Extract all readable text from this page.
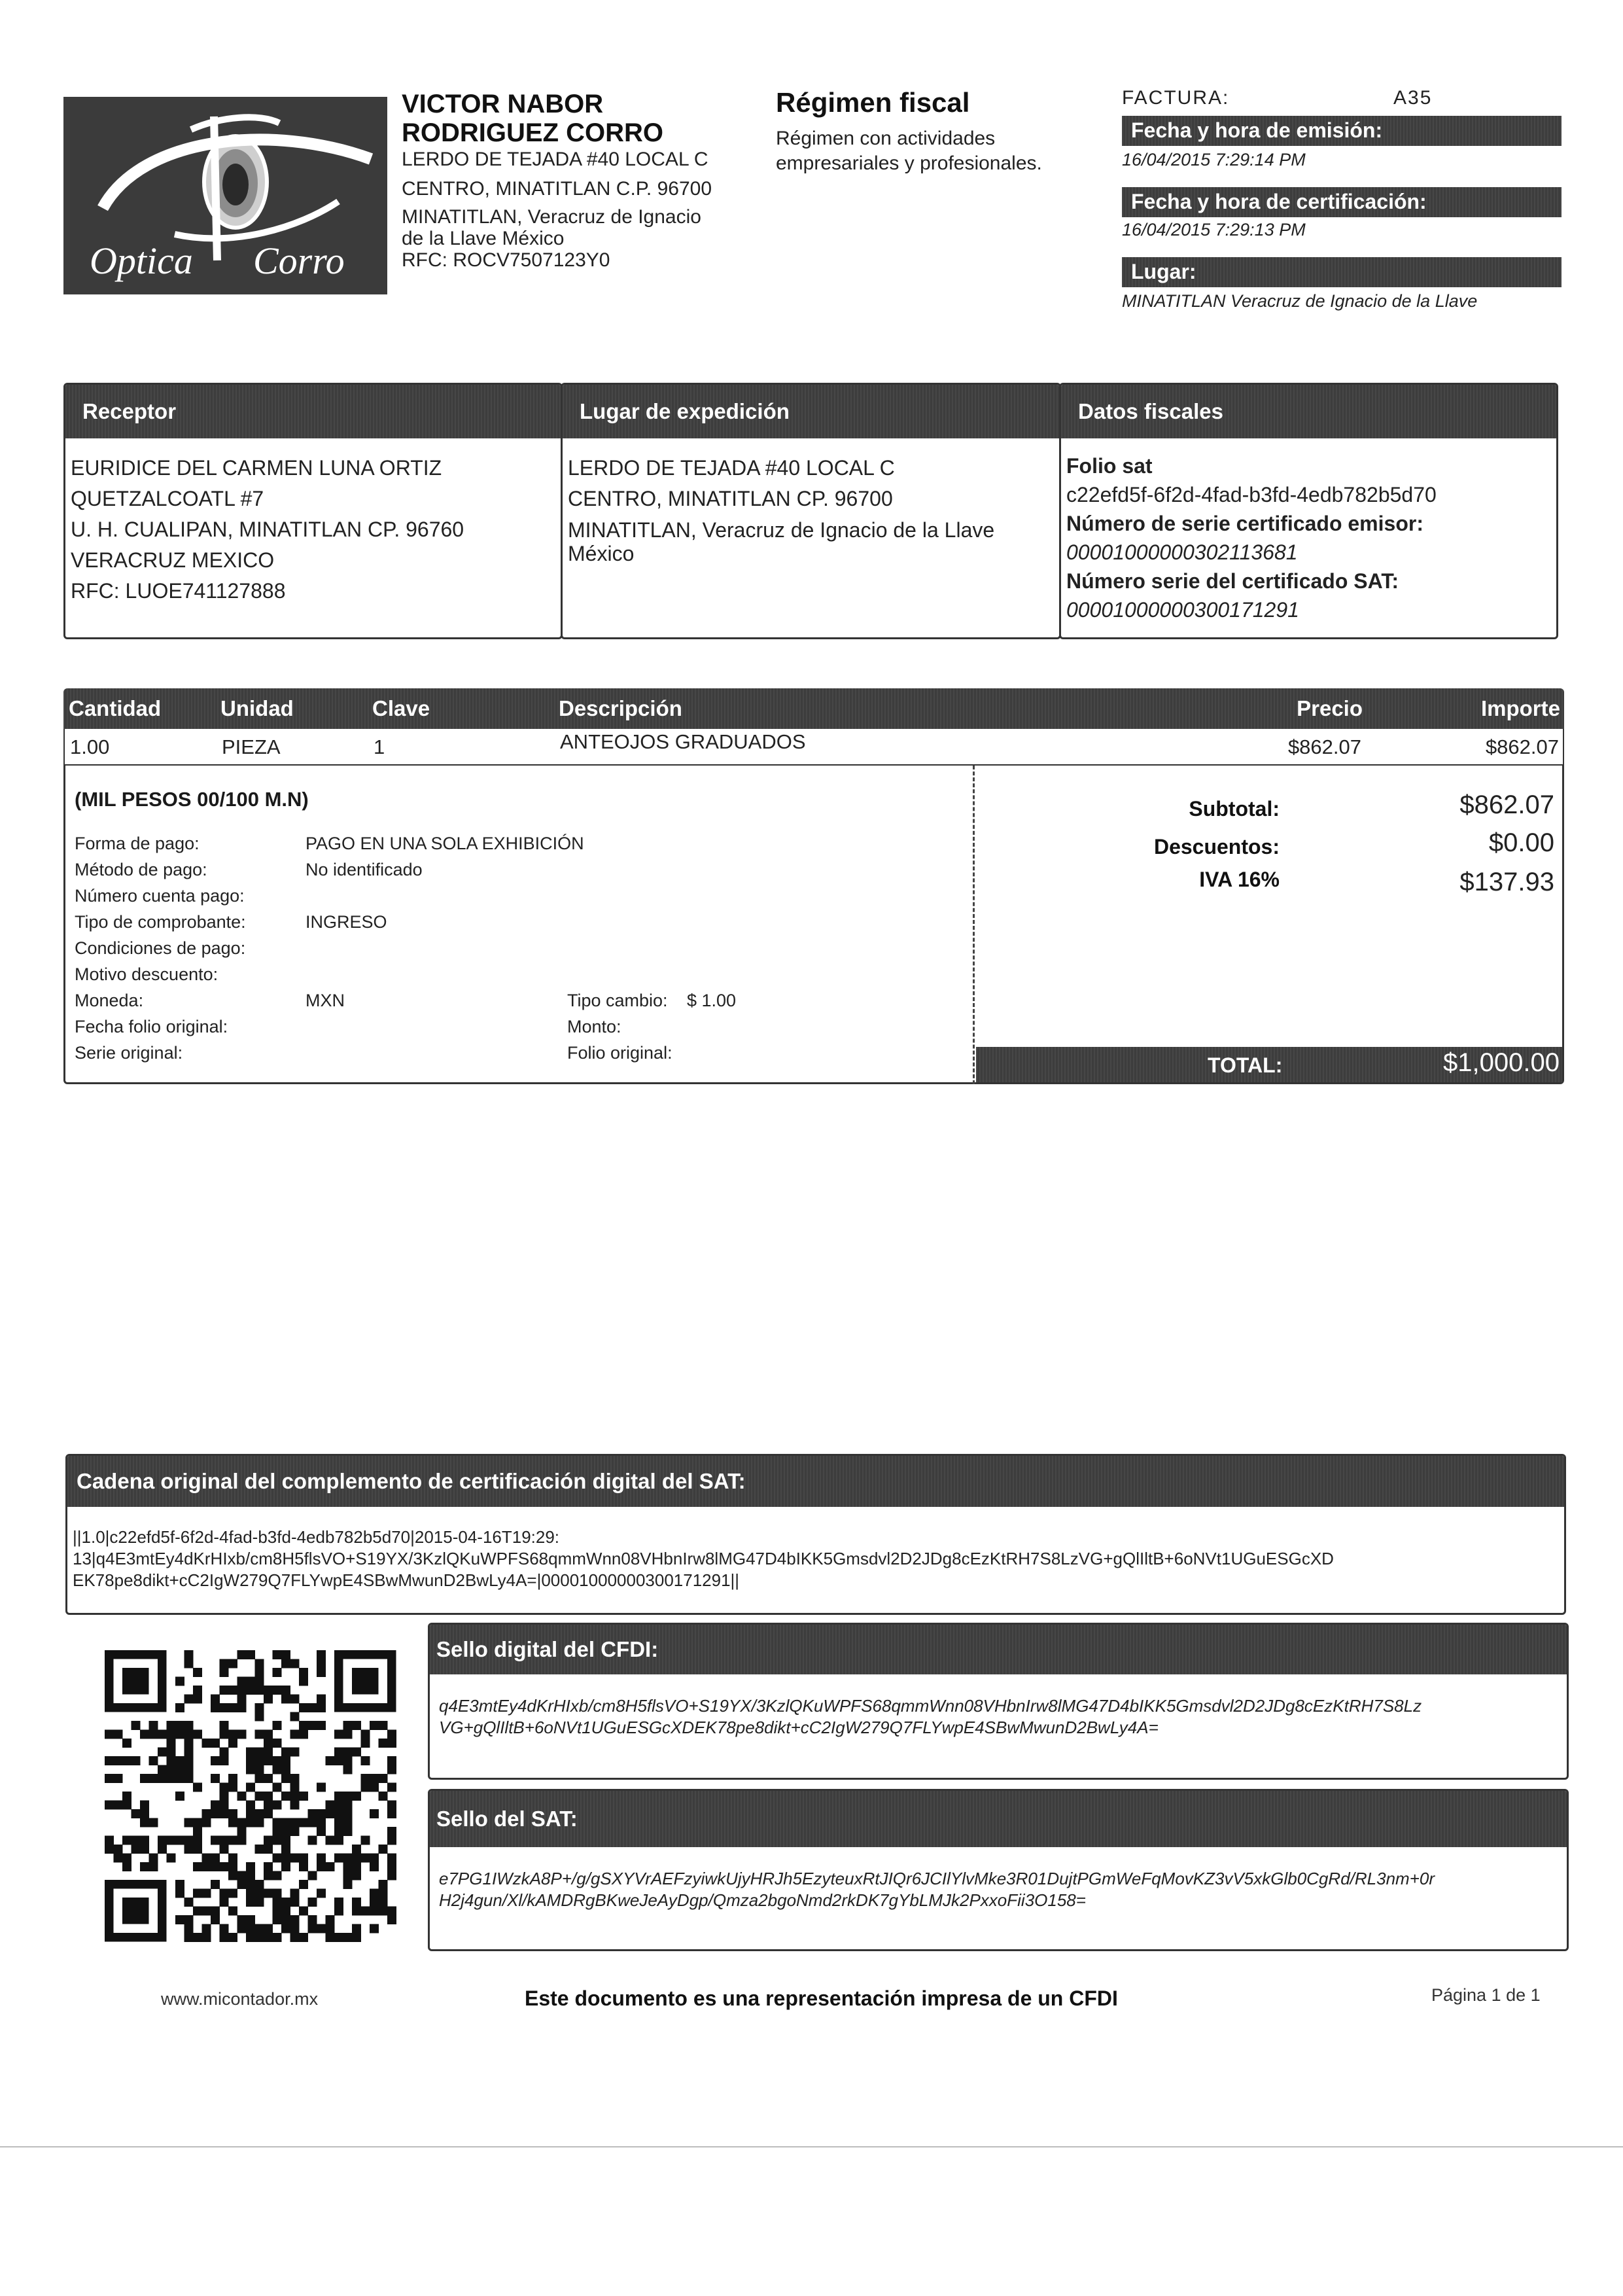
Optica Corro
VICTOR NABOR
RODRIGUEZ CORRO
LERDO DE TEJADA #40 LOCAL C
CENTRO, MINATITLAN C.P. 96700
MINATITLAN, Veracruz de Ignacio
de la Llave México
RFC: ROCV7507123Y0
Régimen fiscal
Régimen con actividades
empresariales y profesionales.
FACTURA:	A35
Fecha y hora de emisión:
16/04/2015 7:29:14 PM
Fecha y hora de certificación:
16/04/2015 7:29:13 PM
Lugar:
MINATITLAN Veracruz de Ignacio de la Llave
Receptor
EURIDICE DEL CARMEN LUNA ORTIZ
QUETZALCOATL #7
U. H. CUALIPAN, MINATITLAN CP. 96760
VERACRUZ MEXICO
RFC: LUOE741127888
Lugar de expedición
LERDO DE TEJADA #40 LOCAL C
CENTRO, MINATITLAN CP. 96700
MINATITLAN, Veracruz de Ignacio de la Llave
México
Datos fiscales
Folio sat
c22efd5f-6f2d-4fad-b3fd-4edb782b5d70
Número de serie certificado emisor:
00001000000302113681
Número serie del certificado SAT:
00001000000300171291
Cantidad	Unidad	Clave	Descripción	Precio	Importe
1.00	PIEZA	1	ANTEOJOS GRADUADOS	$862.07	$862.07
(MIL PESOS 00/100 M.N)
Forma de pago:	PAGO EN UNA SOLA EXHIBICIÓN
Método de pago:	No identificado
Número cuenta pago:
Tipo de comprobante:	INGRESO
Condiciones de pago:
Motivo descuento:
Moneda:	MXN	Tipo cambio: $ 1.00
Fecha folio original:	Monto:
Serie original:	Folio original:
Subtotal:	$862.07
Descuentos:	$0.00
IVA 16%	$137.93
TOTAL:	$1,000.00
Cadena original del complemento de certificación digital del SAT:
||1.0|c22efd5f-6f2d-4fad-b3fd-4edb782b5d70|2015-04-16T19:29:
13|q4E3mtEy4dKrHIxb/cm8H5flsVO+S19YX/3KzlQKuWPFS68qmmWnn08VHbnIrw8lMG47D4bIKK5Gmsdvl2D2JDg8cEzKtRH7S8LzVG+gQlIltB+6oNVt1UGuESGcXD
EK78pe8dikt+cC2IgW279Q7FLYwpE4SBwMwunD2BwLy4A=|00001000000300171291||
Sello digital del CFDI:
q4E3mtEy4dKrHIxb/cm8H5flsVO+S19YX/3KzlQKuWPFS68qmmWnn08VHbnIrw8lMG47D4bIKK5Gmsdvl2D2JDg8cEzKtRH7S8Lz
VG+gQlIltB+6oNVt1UGuESGcXDEK78pe8dikt+cC2IgW279Q7FLYwpE4SBwMwunD2BwLy4A=
Sello del SAT:
e7PG1IWzkA8P+/g/gSXYVrAEFzyiwkUjyHRJh5EzyteuxRtJIQr6JCIlYlvMke3R01DujtPGmWeFqMovKZ3vV5xkGlb0CgRd/RL3nm+0r
H2j4gun/Xl/kAMDRgBKweJeAyDgp/Qmza2bgoNmd2rkDK7gYbLMJk2PxxoFii3O158=
www.micontador.mx	Este documento es una representación impresa de un CFDI	Página 1 de 1
